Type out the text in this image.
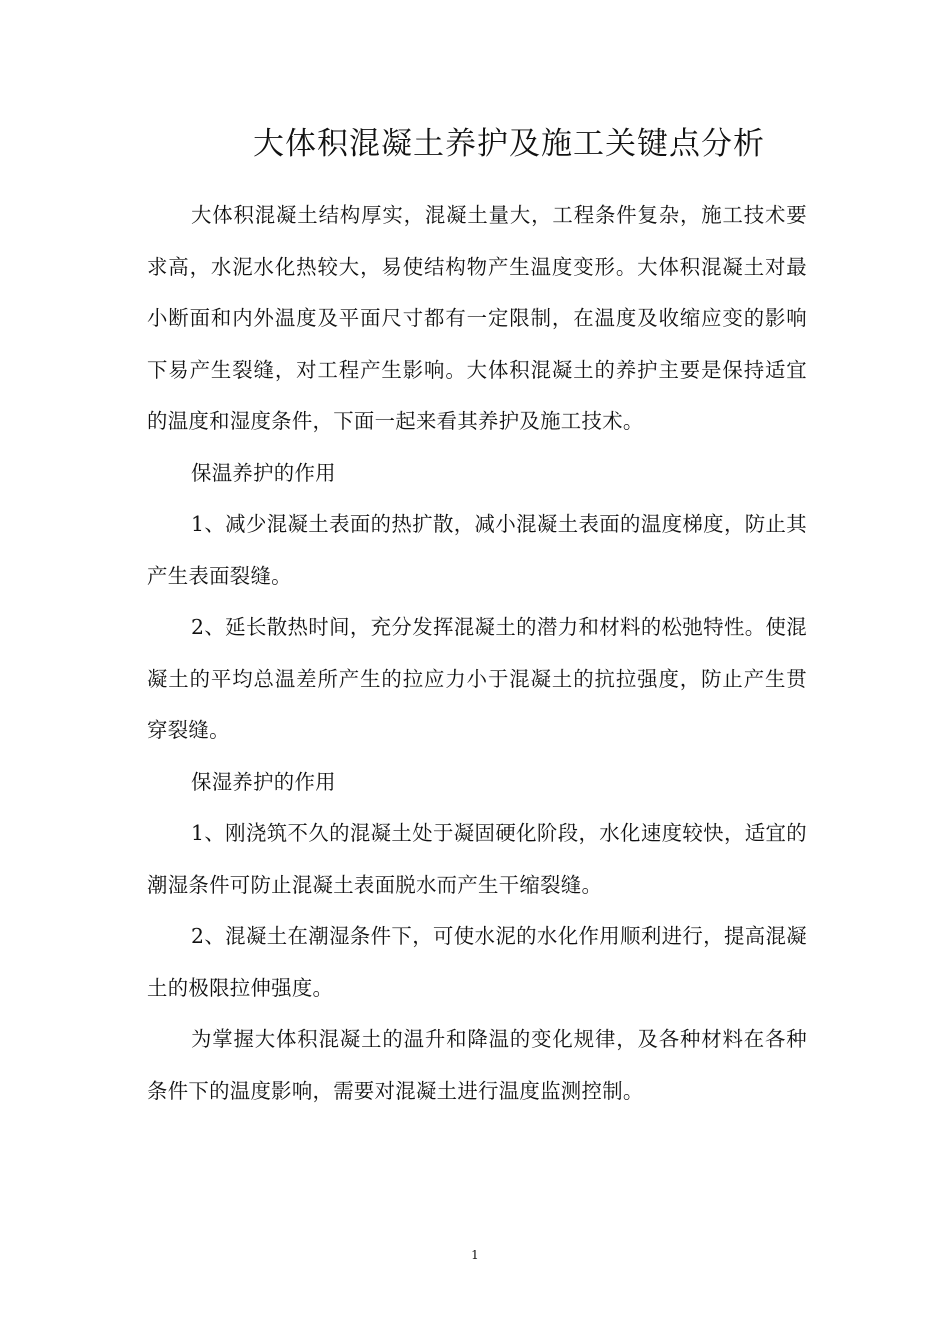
大体积混凝土养护及施工关键点分析

大体积混凝土结构厚实，混凝土量大，工程条件复杂，施工技术要求高，水泥水化热较大，易使结构物产生温度变形。大体积混凝土对最小断面和内外温度及平面尺寸都有一定限制，在温度及收缩应变的影响下易产生裂缝，对工程产生影响。大体积混凝土的养护主要是保持适宜的温度和湿度条件，下面一起来看其养护及施工技术。

保温养护的作用

1、减少混凝土表面的热扩散，减小混凝土表面的温度梯度，防止其产生表面裂缝。

2、延长散热时间，充分发挥混凝土的潜力和材料的松弛特性。使混凝土的平均总温差所产生的拉应力小于混凝土的抗拉强度，防止产生贯穿裂缝。

保湿养护的作用

1、刚浇筑不久的混凝土处于凝固硬化阶段，水化速度较快，适宜的潮湿条件可防止混凝土表面脱水而产生干缩裂缝。

2、混凝土在潮湿条件下，可使水泥的水化作用顺利进行，提高混凝土的极限拉伸强度。

为掌握大体积混凝土的温升和降温的变化规律，及各种材料在各种条件下的温度影响，需要对混凝土进行温度监测控制。

1
